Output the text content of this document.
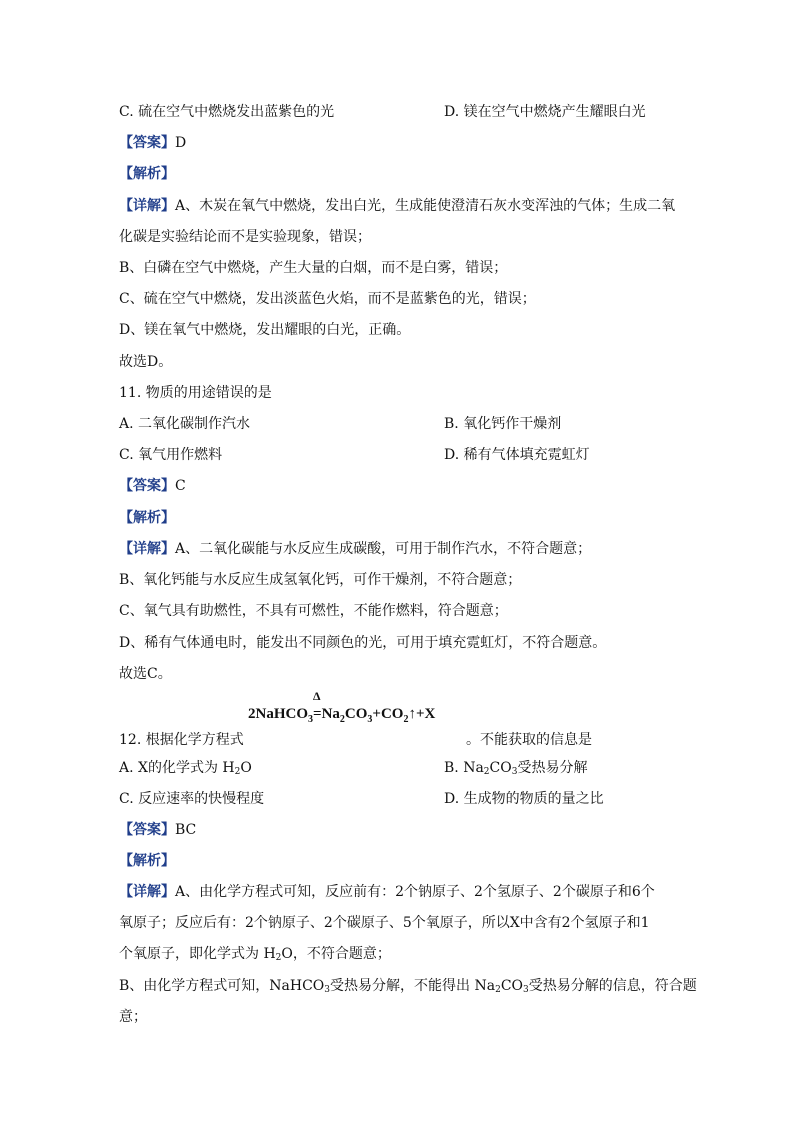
C. 硫在空气中燃烧发出蓝紫色的光	D. 镁在空气中燃烧产生耀眼白光
【答案】D
【解析】
【详解】A、木炭在氧气中燃烧，发出白光，生成能使澄清石灰水变浑浊的气体；生成二氧
化碳是实验结论而不是实验现象，错误；
B、白磷在空气中燃烧，产生大量的白烟，而不是白雾，错误；
C、硫在空气中燃烧，发出淡蓝色火焰，而不是蓝紫色的光，错误；
D、镁在氧气中燃烧，发出耀眼的白光，正确。
故选D。
11. 物质的用途错误的是
A. 二氧化碳制作汽水	B. 氧化钙作干燥剂
C. 氧气用作燃料	D. 稀有气体填充霓虹灯
【答案】C
【解析】
【详解】A、二氧化碳能与水反应生成碳酸，可用于制作汽水，不符合题意；
B、氧化钙能与水反应生成氢氧化钙，可作干燥剂，不符合题意；
C、氧气具有助燃性，不具有可燃性，不能作燃料，符合题意；
D、稀有气体通电时，能发出不同颜色的光，可用于填充霓虹灯，不符合题意。
故选C。
2NaHCO$_3$
Δ
$=Na_2CO_3+CO_2↑+X$
12. 根据化学方程式	。不能获取的信息是
A. X的化学式为 $H_2O$	B. $Na_2CO_3$受热易分解
C. 反应速率的快慢程度	D. 生成物的物质的量之比
【答案】BC
【解析】
【详解】A、由化学方程式可知，反应前有：2个钠原子、2个氢原子、2个碳原子和6个
氧原子；反应后有：2个钠原子、2个碳原子、5个氧原子，所以X中含有2个氢原子和1
个氧原子，即化学式为 $H_2O$，不符合题意；
B、由化学方程式可知，NaHCO$_3$受热易分解，不能得出 $Na_2CO_3$受热易分解的信息，符合题
意；
